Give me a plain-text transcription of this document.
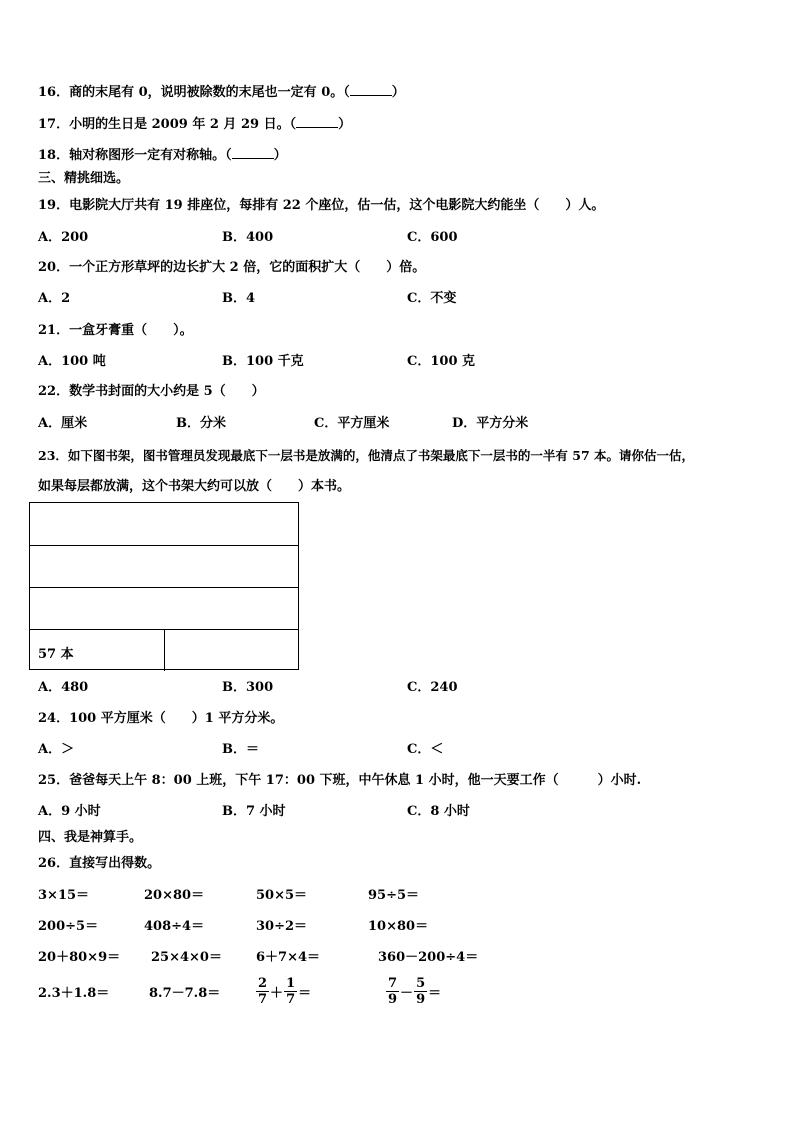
16．商的末尾有 0，说明被除数的末尾也一定有 0。（	）
17．小明的生日是 2009 年 2 月 29 日。（	）
18．轴对称图形一定有对称轴。（	）
三、精挑细选。
19．电影院大厅共有 19 排座位，每排有 22 个座位，估一估，这个电影院大约能坐（　　）人。
A．200	B．400	C．600
20．一个正方形草坪的边长扩大 2 倍，它的面积扩大（　　）倍。
A．2	B．4	C．不变
21．一盒牙膏重（　　）。
A．100 吨	B．100 千克	C．100 克
22．数学书封面的大小约是 5（　　）
A．厘米	B．分米	C．平方厘米	D．平方分米
23．如下图书架，图书管理员发现最底下一层书是放满的，他清点了书架最底下一层书的一半有 57 本。请你估一估，
如果每层都放满，这个书架大约可以放（　　）本书。
57 本
A．480	B．300	C．240
24．100 平方厘米（　　）1 平方分米。
A．＞	B．＝	C．＜
25．爸爸每天上午 8：00 上班，下午 17：00 下班，中午休息 1 小时，他一天要工作（　　　）小时.
A．9 小时	B．7 小时	C．8 小时
四、我是神算手。
26．直接写出得数。
3×15＝	20×80＝	50×5＝	95÷5＝
200÷5＝	408÷4＝	30÷2＝	10×80＝
20＋80×9＝ 25×4×0＝	6＋7×4＝	360－200÷4＝
2.3＋1.8＝	8.7－7.8＝	$\frac{2}{7} + \frac{1}{7}$ ＝	$\frac{7}{9} - \frac{5}{9}$ ＝
